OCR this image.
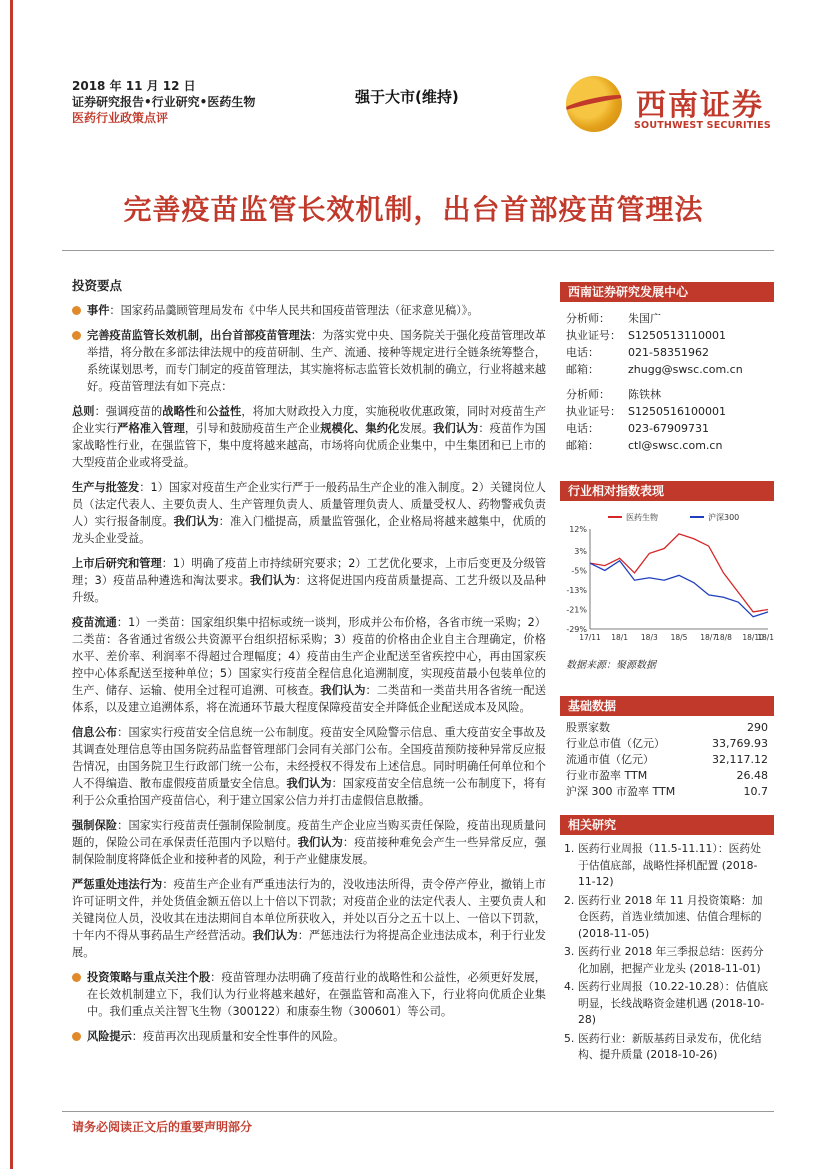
2018 年 11 月 12 日
证券研究报告•行业研究•医药生物
医药行业政策点评
强于大市(维持)	西南证券
SOUTHWEST SECURITIES
完善疫苗监管长效机制，出台首部疫苗管理法
投资要点

事件：国家药品羹顾管理局发布《中华人民共和国疫苗管理法（征求意见稿）》。

完善疫苗监管长效机制，出台首部疫苗管理法：为落实党中央、国务院关于强化疫苗管理改革举措，将分散在多部法律法规中的疫苗研制、生产、流通、接种等规定进行全链条统筹整合，系统谋划思考，而专门制定的疫苗管理法，其实施将标志监管长效机制的确立，行业将越来越好。疫苗管理法有如下亮点：

总则：强调疫苗的战略性和公益性，将加大财政投入力度，实施税收优惠政策，同时对疫苗生产企业实行严格准入管理，引导和鼓励疫苗生产企业规模化、集约化发展。我们认为：疫苗作为国家战略性行业，在强监管下，集中度将越来越高，市场将向优质企业集中，中生集团和已上市的大型疫苗企业或将受益。

生产与批签发：1）国家对疫苗生产企业实行严于一般药品生产企业的准入制度。2）关键岗位人员（法定代表人、主要负责人、生产管理负责人、质量管理负责人、质量受权人、药物警戒负责人）实行报备制度。我们认为：准入门槛提高，质量监管强化，企业格局将越来越集中，优质的龙头企业受益。

上市后研究和管理：1）明确了疫苗上市持续研究要求；2）工艺优化要求，上市后变更及分级管理；3）疫苗品种遴选和淘汰要求。我们认为：这将促进国内疫苗质量提高、工艺升级以及品种升级。

疫苗流通：1）一类苗：国家组织集中招标或统一谈判，形成并公布价格，各省市统一采购；2）二类苗：各省通过省级公共资源平台组织招标采购；3）疫苗的价格由企业自主合理确定，价格水平、差价率、利润率不得超过合理幅度；4）疫苗由生产企业配送至省疾控中心，再由国家疾控中心体系配送至接种单位；5）国家实行疫苗全程信息化追溯制度，实现疫苗最小包装单位的生产、储存、运输、使用全过程可追溯、可核查。我们认为：二类苗和一类苗共用各省统一配送体系，以及建立追溯体系，将在流通环节最大程度保障疫苗安全并降低企业配送成本及风险。

信息公布：国家实行疫苗安全信息统一公布制度。疫苗安全风险警示信息、重大疫苗安全事故及其调查处理信息等由国务院药品监督管理部门会同有关部门公布。全国疫苗预防接种异常反应报告情况，由国务院卫生行政部门统一公布，未经授权不得发布上述信息。同时明确任何单位和个人不得编造、散布虚假疫苗质量安全信息。我们认为：国家疫苗安全信息统一公布制度下，将有利于公众重拾国产疫苗信心，利于建立国家公信力并打击虚假信息散播。

强制保险：国家实行疫苗责任强制保险制度。疫苗生产企业应当购买责任保险，疫苗出现质量问题的，保险公司在承保责任范围内予以赔付。我们认为：疫苗接种难免会产生一些异常反应，强制保险制度将降低企业和接种者的风险，利于产业健康发展。

严惩重处违法行为：疫苗生产企业有严重违法行为的，没收违法所得，责令停产停业，撤销上市许可证明文件，并处货值金额五倍以上十倍以下罚款；对疫苗企业的法定代表人、主要负责人和关键岗位人员，没收其在违法期间自本单位所获收入，并处以百分之五十以上、一倍以下罚款，十年内不得从事药品生产经营活动。我们认为：严惩违法行为将提高企业违法成本，利于行业发展。

投资策略与重点关注个股：疫苗管理办法明确了疫苗行业的战略性和公益性，必须更好发展，在长效机制建立下，我们认为行业将越来越好，在强监管和高准入下，行业将向优质企业集中。我们重点关注智飞生物（300122）和康泰生物（300601）等公司。

风险提示：疫苗再次出现质量和安全性事件的风险。

西南证券研究发展中心
分析师： 朱国广
执业证号： S1250513110001
电话：	021-58351962
邮箱：	zhugg@swsc.com.cn
分析师： 陈铁林
执业证号： S1250516100001
电话：	023-67909731
邮箱：	ctl@swsc.com.cn
行业相对指数表现
12%
3%
-5%
-13%
-21%
-29%
17/11 18/1 18/3 18/5 18/7
18/8 18/10
18/1
医药生物	沪深300
数据来源：聚源数据
基础数据
股票家数	290
行业总市值（亿元）	33,769.93
流通市值（亿元）	32,117.12
行业市盈率 TTM	26.48
沪深 300 市盈率 TTM	10.7
相关研究
1. 医药行业周报（11.5-11.11）：医药处于估值底部，战略性择机配置 (2018-11-12)
2. 医药行业 2018 年 11 月投资策略：加仓医药，首选业绩加速、估值合理标的 (2018-11-05)
3. 医药行业 2018 年三季报总结：医药分化加剧，把握产业龙头 (2018-11-01)
4. 医药行业周报（10.22-10.28）：估值底明显，长线战略资金建机遇 (2018-10-28)
5. 医药行业：新版基药目录发布，优化结构、提升质量 (2018-10-26)
请务必阅读正文后的重要声明部分
